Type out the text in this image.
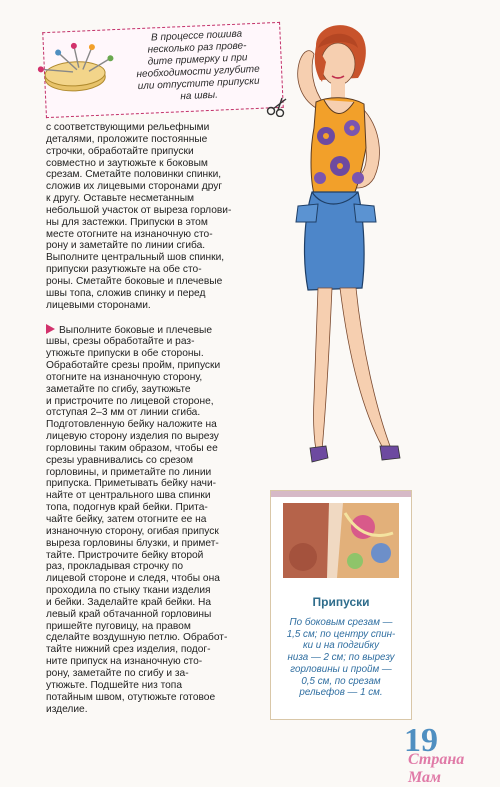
В процессе пошива
несколько раз прове-
дите примерку и при
необходимости углубите
или отпустите припуски
на швы.

с соответствующими рельефными
деталями, проложите постоянные
строчки, обработайте припуски
совместно и заутюжьте к боковым
срезам. Сметайте половинки спинки,
сложив их лицевыми сторонами друг
к другу. Оставьте несметанным
небольшой участок от выреза горлови-
ны для застежки. Припуски в этом
месте отогните на изнаночную сто-
рону и заметайте по линии сгиба.
Выполните центральный шов спинки,
припуски разутюжьте на обе сто-
роны. Сметайте боковые и плечевые
швы топа, сложив спинку и перед
лицевыми сторонами.

Выполните боковые и плечевые
швы, срезы обработайте и раз-
утюжьте припуски в обе стороны.
Обработайте срезы пройм, припуски
отогните на изнаночную сторону,
заметайте по сгибу, заутюжьте
и пристрочите по лицевой стороне,
отступая 2–3 мм от линии сгиба.
Подготовленную бейку наложите на
лицевую сторону изделия по вырезу
горловины таким образом, чтобы ее
срезы уравнивались со срезом
горловины, и приметайте по линии
припуска. Приметывать бейку начи-
найте от центрального шва спинки
топа, подогнув край бейки. Прита-
чайте бейку, затем отогните ее на
изнаночную сторону, огибая припуск
выреза горловины блузки, и примет-
тайте. Пристрочите бейку второй
раз, прокладывая строчку по
лицевой стороне и следя, чтобы она
проходила по стыку ткани изделия
и бейки. Заделайте край бейки. На
левый край обтачанной горловины
пришейте пуговицу, на правом
сделайте воздушную петлю. Обработ-
тайте нижний срез изделия, подог-
ните припуск на изнаночную сто-
рону, заметайте по сгибу и за-
утюжьте. Подшейте низ топа
потайным швом, отутюжьте готовое
изделие.

Припуски
По боковым срезам —
1,5 см; по центру спин-
ки и на подгибку
низа — 2 см; по вырезу
горловины и пройм —
0,5 см, по срезам
рельефов — 1 см.
19
Страна Мам
